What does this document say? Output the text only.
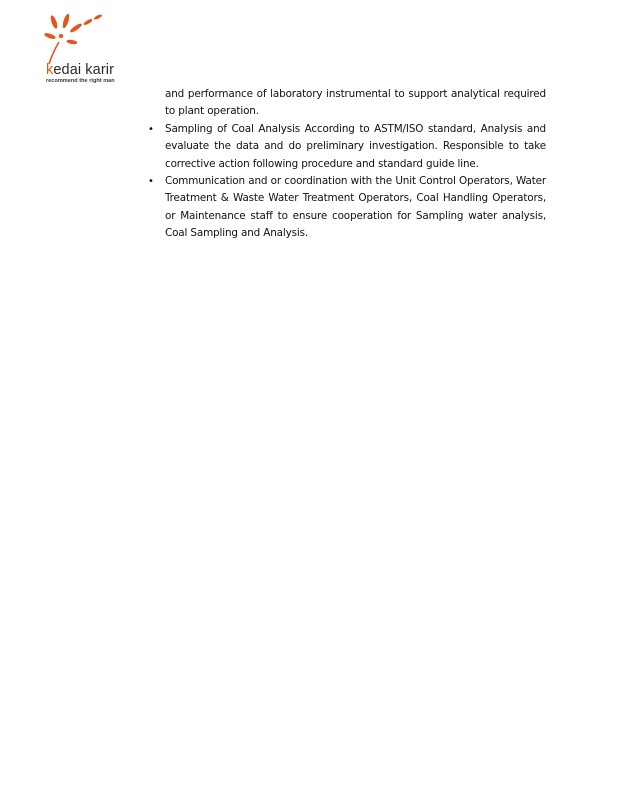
kedai karir
recommend the right man

and performance of laboratory instrumental to support analytical required to plant operation.

• Sampling of Coal Analysis According to ASTM/ISO standard, Analysis and evaluate the data and do preliminary investigation. Responsible to take corrective action following procedure and standard guide line.
• Communication and or coordination with the Unit Control Operators, Water Treatment & Waste Water Treatment Operators, Coal Handling Operators, or Maintenance staff to ensure cooperation for Sampling water analysis, Coal Sampling and Analysis.
